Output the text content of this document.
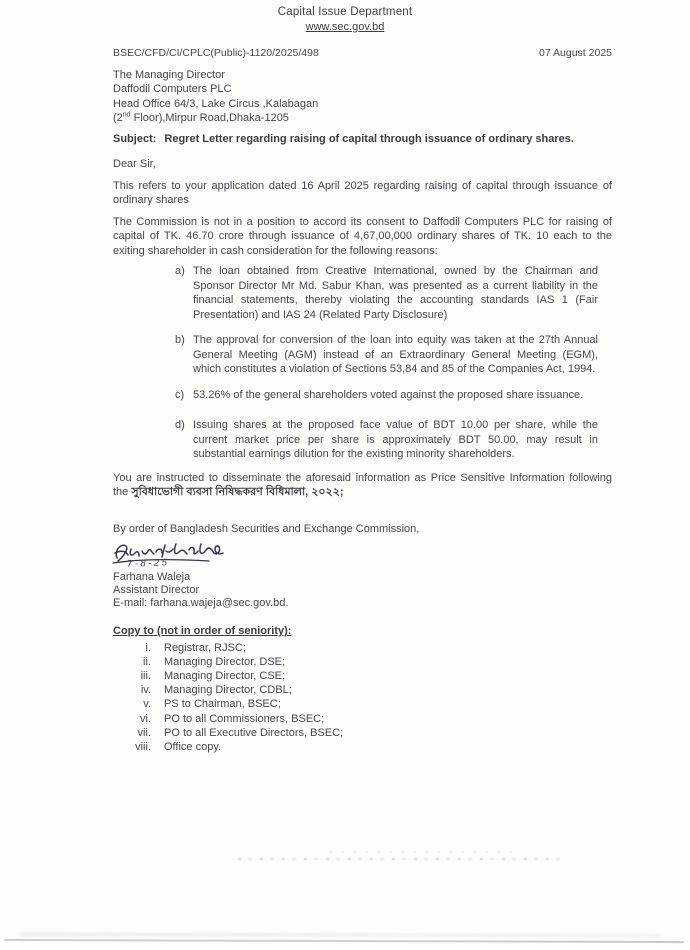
Capital Issue Department
www.sec.gov.bd
BSEC/CFD/CI/CPLC(Public)-1120/2025/498	07 August 2025
The Managing Director
Daffodil Computers PLC
Head Office 64/3, Lake Circus ,Kalabagan
(2nd Floor),Mirpur Road,Dhaka-1205
Subject: Regret Letter regarding raising of capital through issuance of ordinary shares.
Dear Sir,
This refers to your application dated 16 April 2025 regarding raising of capital through issuance of ordinary shares
The Commission is not in a position to accord its consent to Daffodil Computers PLC for raising of capital of TK. 46.70 crore through issuance of 4,67,00,000 ordinary shares of TK. 10 each to the exiting shareholder in cash consideration for the following reasons:
a) The loan obtained from Creative International, owned by the Chairman and Sponsor Director Mr Md. Sabur Khan, was presented as a current liability in the financial statements, thereby violating the accounting standards IAS 1 (Fair Presentation) and IAS 24 (Related Party Disclosure)
b) The approval for conversion of the loan into equity was taken at the 27th Annual General Meeting (AGM) instead of an Extraordinary General Meeting (EGM), which constitutes a violation of Sections 53,84 and 85 of the Companies Act, 1994.
c) 53.26% of the general shareholders voted against the proposed share issuance.
d) Issuing shares at the proposed face value of BDT 10.00 per share, while the current market price per share is approximately BDT 50.00, may result in substantial earnings dilution for the existing minority shareholders.
You are instructed to disseminate the aforesaid information as Price Sensitive Information following the সুবিধাভোগী ব্যবসা নিষিদ্ধকরণ বিধিমালা, ২০২২;
By order of Bangladesh Securities and Exchange Commission,
7-8-25
Farhana Waleja
Assistant Director
E-mail: farhana.wajeja@sec.gov.bd.
Copy to (not in order of seniority):
i. Registrar, RJSC;
ii. Managing Director, DSE;
iii. Managing Director, CSE;
iv. Managing Director, CDBL;
v. PS to Chairman, BSEC;
vi. PO to all Commissioners, BSEC;
vii. PO to all Executive Directors, BSEC;
viii. Office copy.
